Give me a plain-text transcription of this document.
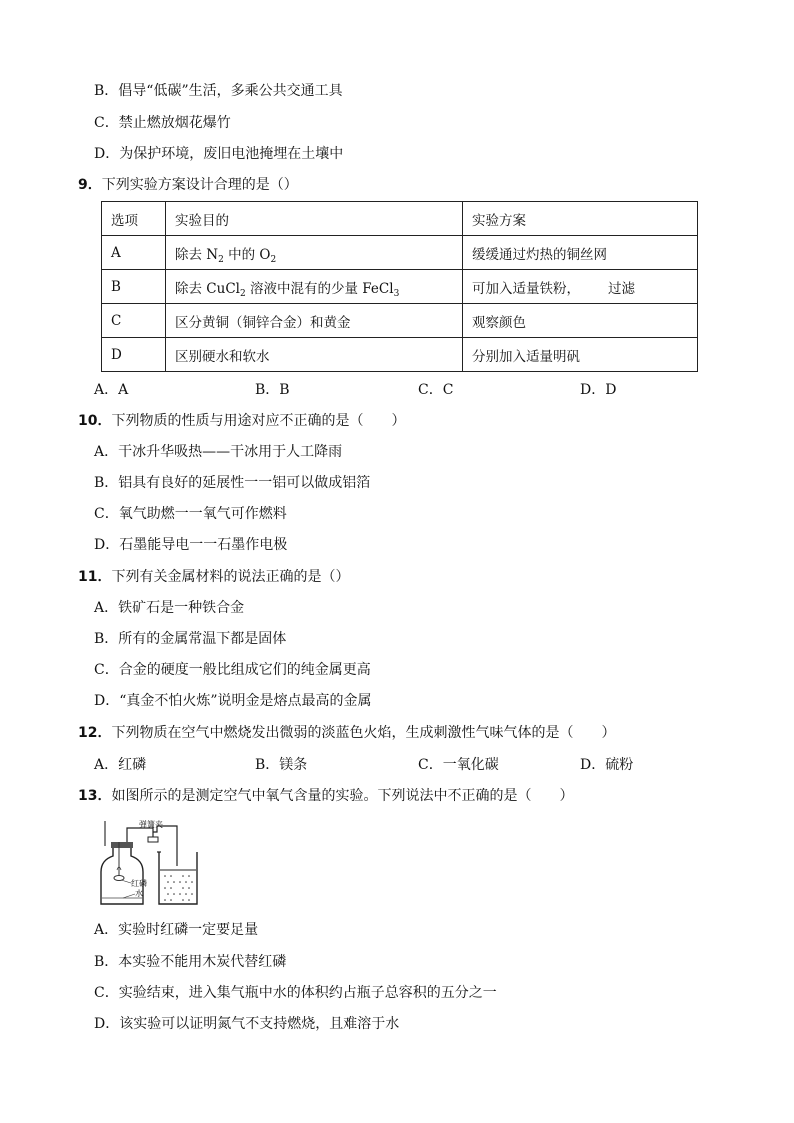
B．倡导“低碳”生活，多乘公共交通工具
C．禁止燃放烟花爆竹
D．为保护环境，废旧电池掩埋在土壤中
9．下列实验方案设计合理的是（）
选项	实验目的	实验方案
A	除去 $N_2$ 中的 $O_2$	缓缓通过灼热的铜丝网
B	除去 CuCl$_2$ 溶液中混有的少量 FeCl$_3$	可加入适量铁粉， 过滤
C	区分黄铜（铜锌合金）和黄金	观察颜色
D	区别硬水和软水	分别加入适量明矾
A．A	B．B	C．C	D．D
10．下列物质的性质与用途对应不正确的是（　　）
A．干冰升华吸热——干冰用于人工降雨
B．铝具有良好的延展性一一铝可以做成铝箔
C．氧气助燃一一氧气可作燃料
D．石墨能导电一一石墨作电极
11．下列有关金属材料的说法正确的是（）
A．铁矿石是一种铁合金
B．所有的金属常温下都是固体
C．合金的硬度一般比组成它们的纯金属更高
D．“真金不怕火炼”说明金是熔点最高的金属
12．下列物质在空气中燃烧发出微弱的淡蓝色火焰，生成刺激性气味气体的是（　　）
A．红磷	B．镁条	C．一氧化碳	D．硫粉
13．如图所示的是测定空气中氧气含量的实验。下列说法中不正确的是（　　）
弹簧夹
红磷
水
A．实验时红磷一定要足量
B．本实验不能用木炭代替红磷
C．实验结束，进入集气瓶中水的体积约占瓶子总容积的五分之一
D．该实验可以证明氮气不支持燃烧，且难溶于水
